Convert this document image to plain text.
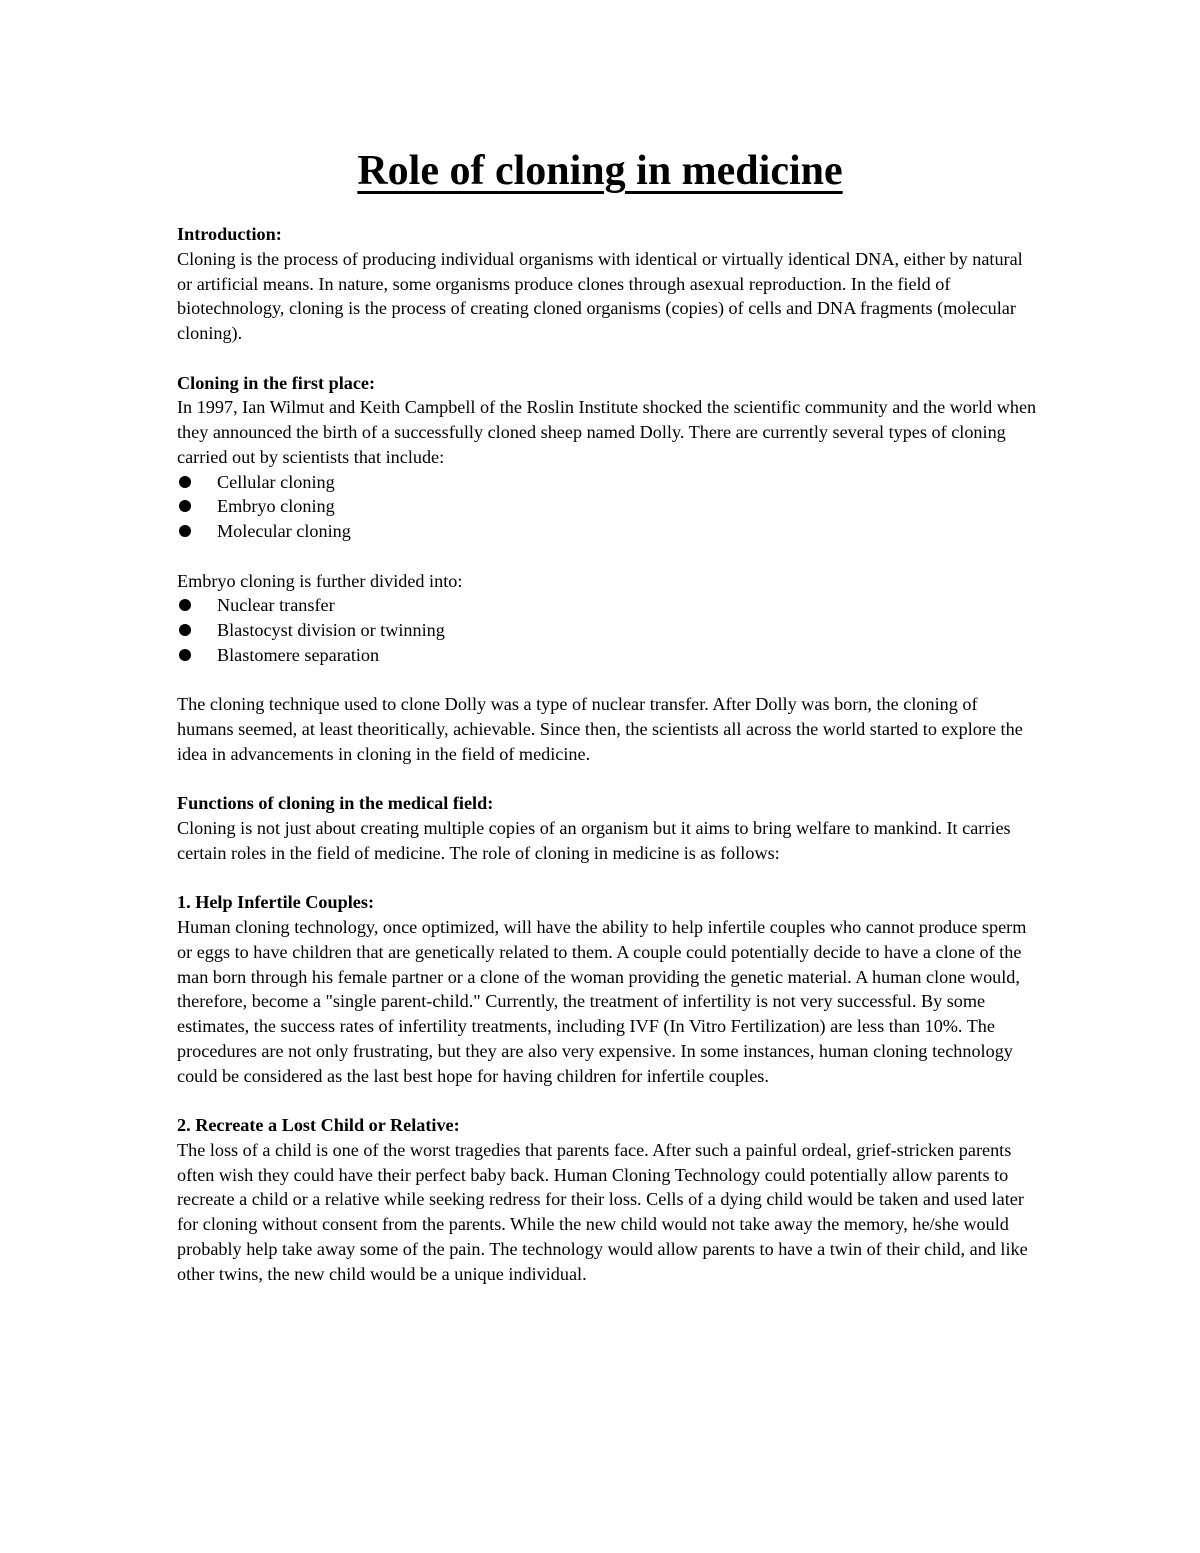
Role of cloning in medicine

Introduction:

Cloning is the process of producing individual organisms with identical or virtually identical DNA, either by natural or artificial means. In nature, some organisms produce clones through asexual reproduction. In the field of biotechnology, cloning is the process of creating cloned organisms (copies) of cells and DNA fragments (molecular cloning).

Cloning in the first place:

In 1997, Ian Wilmut and Keith Campbell of the Roslin Institute shocked the scientific community and the world when they announced the birth of a successfully cloned sheep named Dolly. There are currently several types of cloning carried out by scientists that include:

Cellular cloning
Embryo cloning
Molecular cloning

Embryo cloning is further divided into:

Nuclear transfer
Blastocyst division or twinning
Blastomere separation

The cloning technique used to clone Dolly was a type of nuclear transfer. After Dolly was born, the cloning of humans seemed, at least theoritically, achievable. Since then, the scientists all across the world started to explore the idea in advancements in cloning in the field of medicine.

Functions of cloning in the medical field:

Cloning is not just about creating multiple copies of an organism but it aims to bring welfare to mankind. It carries certain roles in the field of medicine. The role of cloning in medicine is as follows:

1. Help Infertile Couples:

Human cloning technology, once optimized, will have the ability to help infertile couples who cannot produce sperm or eggs to have children that are genetically related to them. A couple could potentially decide to have a clone of the man born through his female partner or a clone of the woman providing the genetic material. A human clone would, therefore, become a "single parent-child." Currently, the treatment of infertility is not very successful. By some estimates, the success rates of infertility treatments, including IVF (In Vitro Fertilization) are less than 10%. The procedures are not only frustrating, but they are also very expensive. In some instances, human cloning technology could be considered as the last best hope for having children for infertile couples.

2. Recreate a Lost Child or Relative:

The loss of a child is one of the worst tragedies that parents face. After such a painful ordeal, grief-stricken parents often wish they could have their perfect baby back. Human Cloning Technology could potentially allow parents to recreate a child or a relative while seeking redress for their loss. Cells of a dying child would be taken and used later for cloning without consent from the parents. While the new child would not take away the memory, he/she would probably help take away some of the pain. The technology would allow parents to have a twin of their child, and like other twins, the new child would be a unique individual.
